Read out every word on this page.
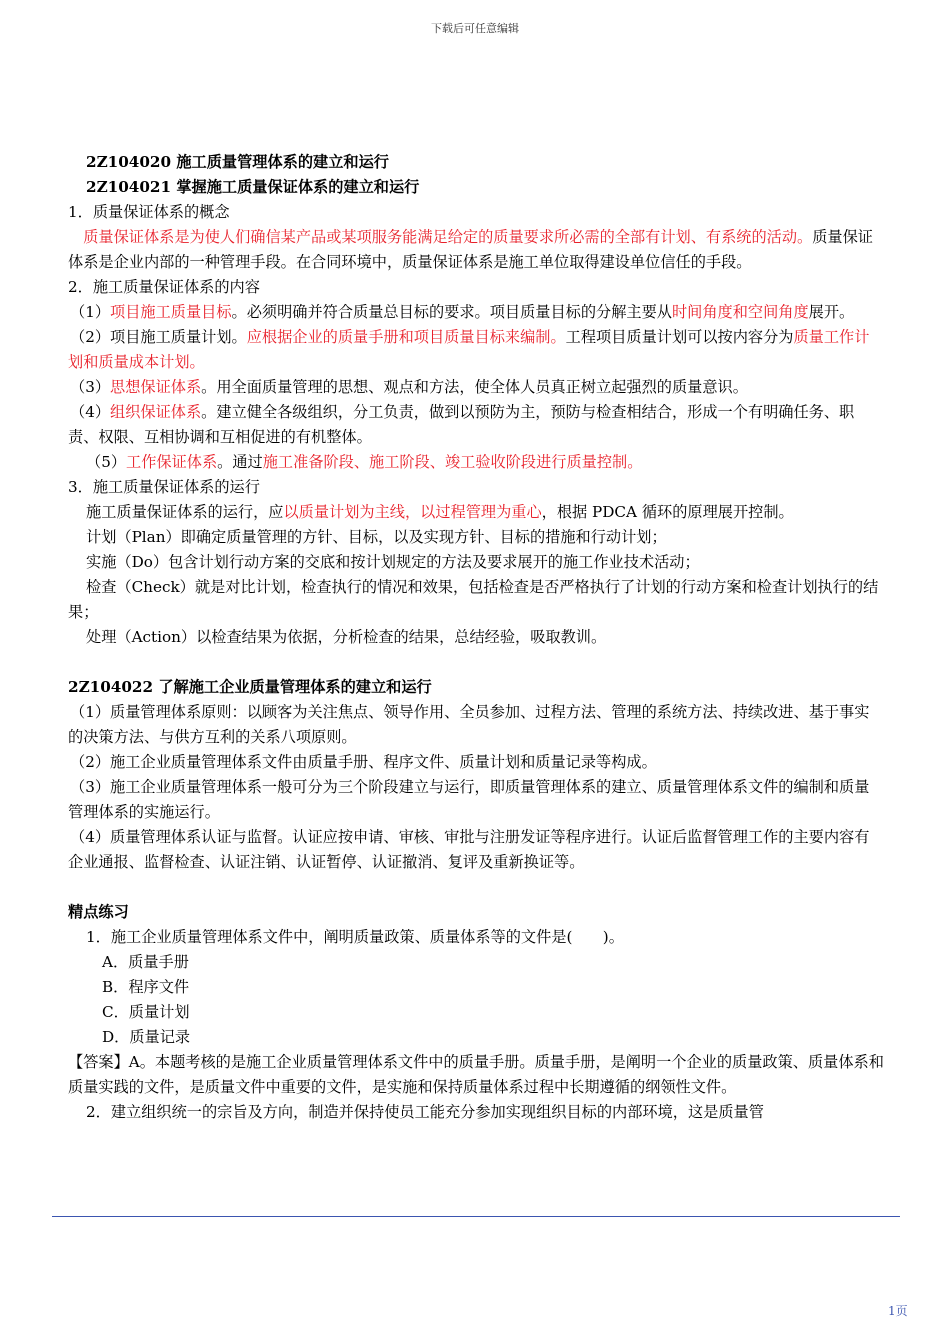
下载后可任意编辑

2Z104020 施工质量管理体系的建立和运行

2Z104021 掌握施工质量保证体系的建立和运行

1．质量保证体系的概念

　质量保证体系是为使人们确信某产品或某项服务能满足给定的质量要求所必需的全部有计划、有系统的活动。质量保证体系是企业内部的一种管理手段。在合同环境中，质量保证体系是施工单位取得建设单位信任的手段。

2．施工质量保证体系的内容

（1）项目施工质量目标。必须明确并符合质量总目标的要求。项目质量目标的分解主要从时间角度和空间角度展开。

（2）项目施工质量计划。应根据企业的质量手册和项目质量目标来编制。工程项目质量计划可以按内容分为质量工作计划和质量成本计划。

（3）思想保证体系。用全面质量管理的思想、观点和方法，使全体人员真正树立起强烈的质量意识。

（4）组织保证体系。建立健全各级组织，分工负责，做到以预防为主，预防与检查相结合，形成一个有明确任务、职责、权限、互相协调和互相促进的有机整体。

（5）工作保证体系。通过施工准备阶段、施工阶段、竣工验收阶段进行质量控制。

3．施工质量保证体系的运行

施工质量保证体系的运行，应以质量计划为主线，以过程管理为重心，根据 PDCA 循环的原理展开控制。

计划（Plan）即确定质量管理的方针、目标，以及实现方针、目标的措施和行动计划；

实施（Do）包含计划行动方案的交底和按计划规定的方法及要求展开的施工作业技术活动；

检查（Check）就是对比计划，检查执行的情况和效果，包括检查是否严格执行了计划的行动方案和检查计划执行的结果；

处理（Action）以检查结果为依据，分析检查的结果，总结经验，吸取教训。

2Z104022 了解施工企业质量管理体系的建立和运行

（1）质量管理体系原则：以顾客为关注焦点、领导作用、全员参加、过程方法、管理的系统方法、持续改进、基于事实的决策方法、与供方互利的关系八项原则。

（2）施工企业质量管理体系文件由质量手册、程序文件、质量计划和质量记录等构成。

（3）施工企业质量管理体系一般可分为三个阶段建立与运行，即质量管理体系的建立、质量管理体系文件的编制和质量管理体系的实施运行。

（4）质量管理体系认证与监督。认证应按申请、审核、审批与注册发证等程序进行。认证后监督管理工作的主要内容有企业通报、监督检查、认证注销、认证暂停、认证撤消、复评及重新换证等。

精点练习

1．施工企业质量管理体系文件中，阐明质量政策、质量体系等的文件是(　　)。

A．质量手册

B．程序文件

C．质量计划

D．质量记录

【答案】A。本题考核的是施工企业质量管理体系文件中的质量手册。质量手册，是阐明一个企业的质量政策、质量体系和质量实践的文件，是质量文件中重要的文件，是实施和保持质量体系过程中长期遵循的纲领性文件。

2．建立组织统一的宗旨及方向，制造并保持使员工能充分参加实现组织目标的内部环境，这是质量管

1页
